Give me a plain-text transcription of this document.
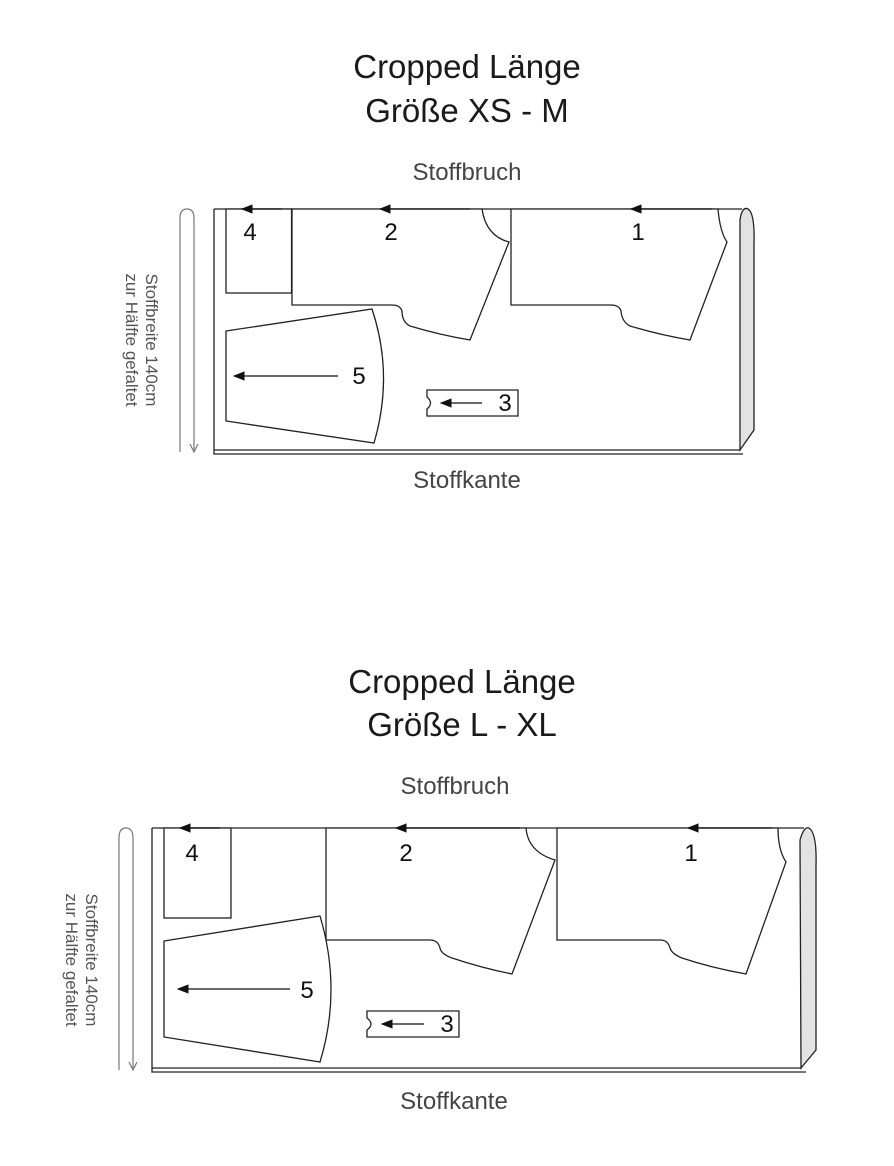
Cropped Länge
Größe XS - M
Stoffbruch
Stoffbreite 140cm
zur Hälfte gefaltet
4	2	1
5
3
Stoffkante
Cropped Länge
Größe L - XL
Stoffbruch
Stoffbreite 140cm
zur Hälfte gefaltet
4	2	1
5
3
Stoffkante
